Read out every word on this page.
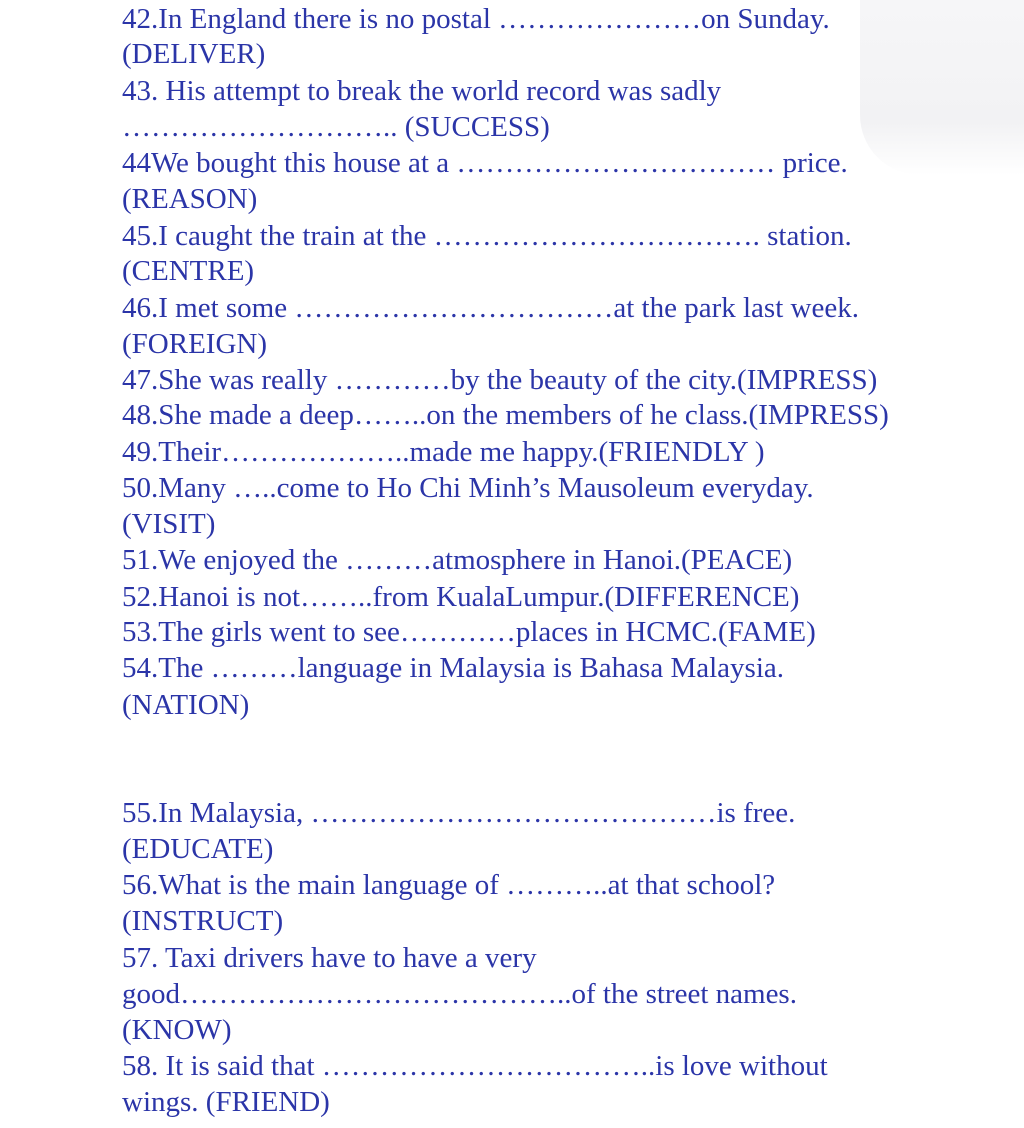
42.In England there is no postal …………………on Sunday.
(DELIVER)
43. His attempt to break the world record was sadly
……………………….. (SUCCESS)
44We bought this house at a …………………………… price.
(REASON)
45.I caught the train at the ……………………………. station.
(CENTRE)
46.I met some ……………………………at the park last week.
(FOREIGN)
47.She was really …………by the beauty of the city.(IMPRESS)
48.She made a deep……..on the members of he class.(IMPRESS)
49.Their………………..made me happy.(FRIENDLY )
50.Many …..come to Ho Chi Minh’s Mausoleum everyday.
(VISIT)
51.We enjoyed the ………atmosphere in Hanoi.(PEACE)
52.Hanoi is not……..from KualaLumpur.(DIFFERENCE)
53.The girls went to see…………places in HCMC.(FAME)
54.The ………language in Malaysia is Bahasa Malaysia.
(NATION)
55.In Malaysia, ……………………………………is free.
(EDUCATE)
56.What is the main language of ………..at that school?
(INSTRUCT)
57. Taxi drivers have to have a very
good…………………………………..of the street names.
(KNOW)
58. It is said that ……………………………..is love without
wings. (FRIEND)
